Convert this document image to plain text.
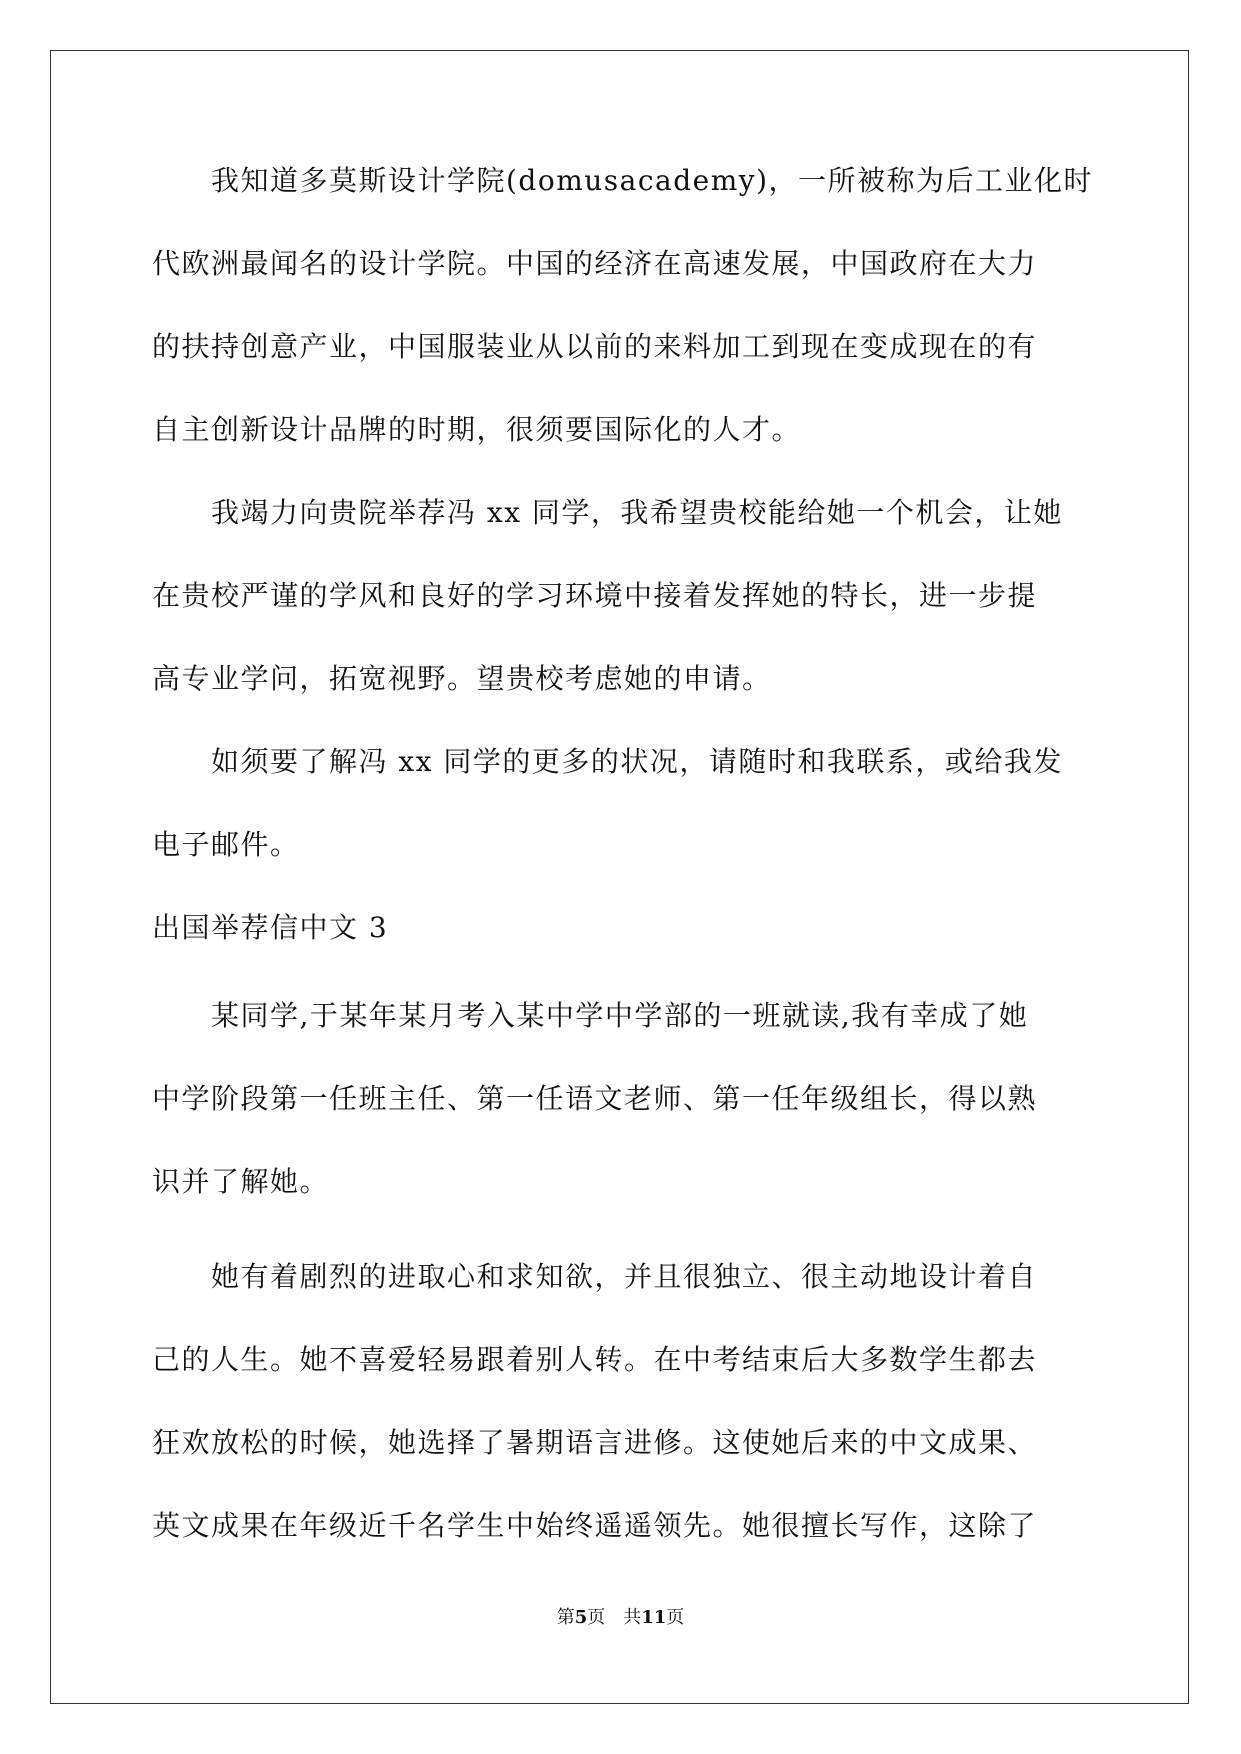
　　我知道多莫斯设计学院(domusacademy)，一所被称为后工业化时
代欧洲最闻名的设计学院。中国的经济在高速发展，中国政府在大力
的扶持创意产业，中国服装业从以前的来料加工到现在变成现在的有
自主创新设计品牌的时期，很须要国际化的人才。
　　我竭力向贵院举荐冯 xx 同学，我希望贵校能给她一个机会，让她
在贵校严谨的学风和良好的学习环境中接着发挥她的特长，进一步提
高专业学问，拓宽视野。望贵校考虑她的申请。
　　如须要了解冯 xx 同学的更多的状况，请随时和我联系，或给我发
电子邮件。
出国举荐信中文 3
　　某同学,于某年某月考入某中学中学部的一班就读,我有幸成了她
中学阶段第一任班主任、第一任语文老师、第一任年级组长，得以熟
识并了解她。
　　她有着剧烈的进取心和求知欲，并且很独立、很主动地设计着自
己的人生。她不喜爱轻易跟着别人转。在中考结束后大多数学生都去
狂欢放松的时候，她选择了暑期语言进修。这使她后来的中文成果、
英文成果在年级近千名学生中始终遥遥领先。她很擅长写作，这除了
第5页 共11页
